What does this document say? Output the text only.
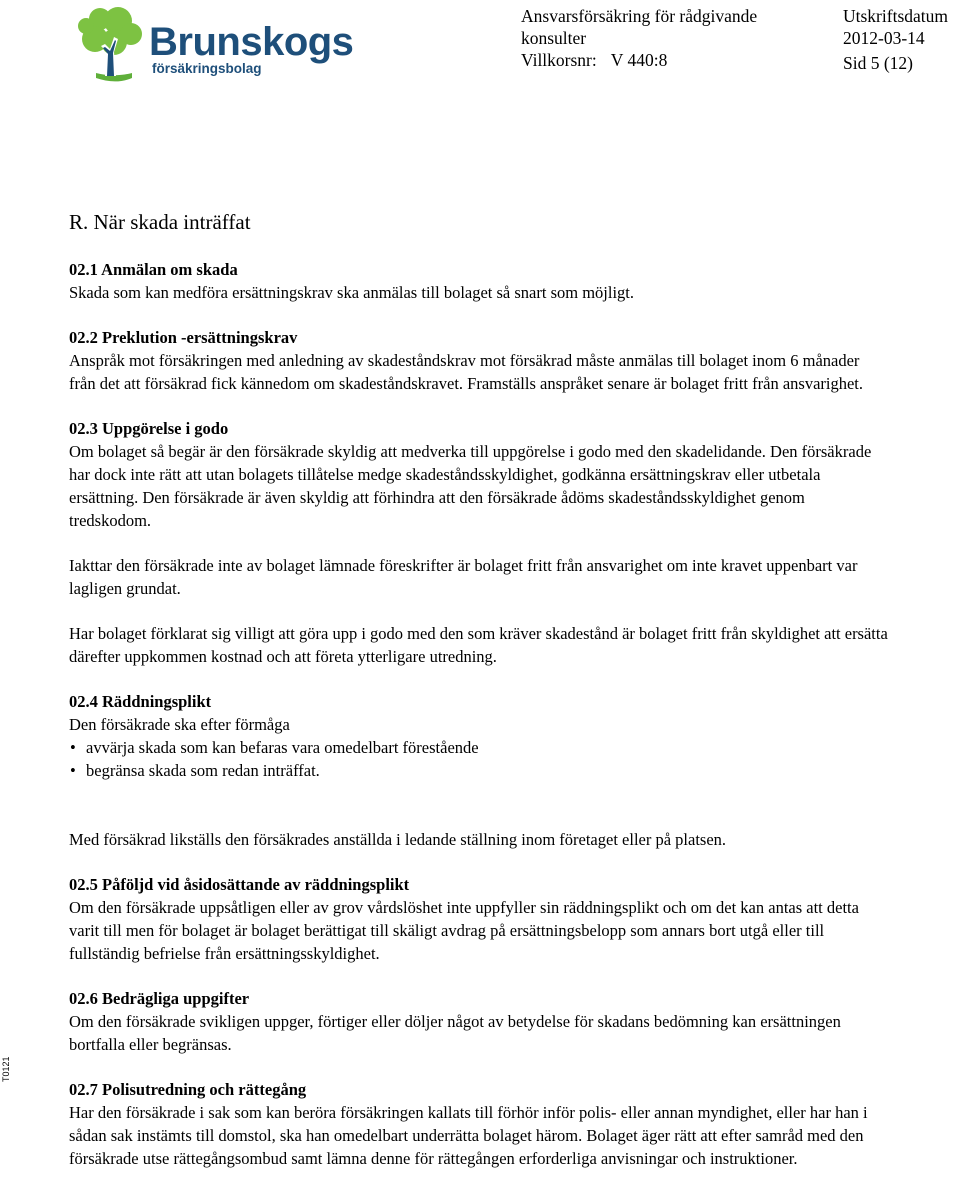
Brunskogs
försäkringsbolag
Ansvarsförsäkring för rådgivande konsulter
Villkorsnr: V 440:8
Utskriftsdatum
2012-03-14
Sid 5 (12)
T0121
R. När skada inträffat
02.1 Anmälan om skada

Skada som kan medföra ersättningskrav ska anmälas till bolaget så snart som möjligt.

02.2 Preklution -ersättningskrav

Anspråk mot försäkringen med anledning av skadeståndskrav mot försäkrad måste anmälas till bolaget inom 6 månader från det att försäkrad fick kännedom om skadeståndskravet. Framställs anspråket senare är bolaget fritt från ansvarighet.

02.3 Uppgörelse i godo

Om bolaget så begär är den försäkrade skyldig att medverka till uppgörelse i godo med den skadelidande. Den försäkrade har dock inte rätt att utan bolagets tillåtelse medge skadeståndsskyldighet, godkänna ersättningskrav eller utbetala ersättning. Den försäkrade är även skyldig att förhindra att den försäkrade ådöms skadeståndsskyldighet genom tredskodom.

Iakttar den försäkrade inte av bolaget lämnade föreskrifter är bolaget fritt från ansvarighet om inte kravet uppenbart var lagligen grundat.

Har bolaget förklarat sig villigt att göra upp i godo med den som kräver skadestånd är bolaget fritt från skyldighet att ersätta därefter uppkommen kostnad och att företa ytterligare utredning.

02.4 Räddningsplikt

Den försäkrade ska efter förmåga

• avvärja skada som kan befaras vara omedelbart förestående
• begränsa skada som redan inträffat.

Med försäkrad likställs den försäkrades anställda i ledande ställning inom företaget eller på platsen.

02.5 Påföljd vid åsidosättande av räddningsplikt

Om den försäkrade uppsåtligen eller av grov vårdslöshet inte uppfyller sin räddningsplikt och om det kan antas att detta varit till men för bolaget är bolaget berättigat till skäligt avdrag på ersättningsbelopp som annars bort utgå eller till fullständig befrielse från ersättningsskyldighet.

02.6 Bedrägliga uppgifter

Om den försäkrade svikligen uppger, förtiger eller döljer något av betydelse för skadans bedömning kan ersättningen bortfalla eller begränsas.

02.7 Polisutredning och rättegång

Har den försäkrade i sak som kan beröra försäkringen kallats till förhör inför polis- eller annan myndighet, eller har han i sådan sak instämts till domstol, ska han omedelbart underrätta bolaget härom. Bolaget äger rätt att efter samråd med den försäkrade utse rättegångsombud samt lämna denne för rättegången erforderliga anvisningar och instruktioner.
